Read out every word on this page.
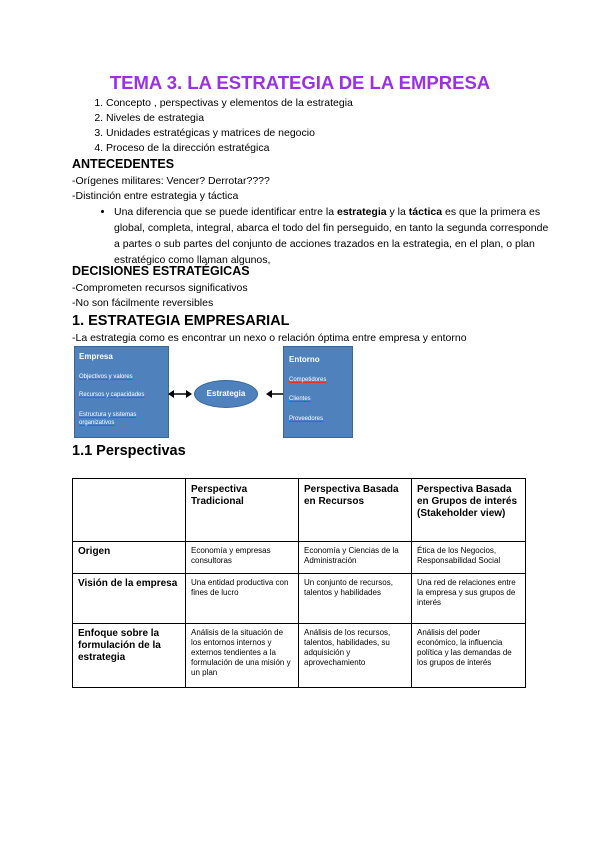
TEMA 3. LA ESTRATEGIA DE LA EMPRESA
1. Concepto , perspectivas y elementos de la estrategia
2. Niveles de estrategia
3. Unidades estratégicas y matrices de negocio
4. Proceso de la dirección estratégica
ANTECEDENTES
-Orígenes militares: Vencer? Derrotar????
-Distinción entre estrategia y táctica
• Una diferencia que se puede identificar entre la estrategia y la táctica es que la primera es global, completa, integral, abarca el todo del fin perseguido, en tanto la segunda corresponde a partes o sub partes del conjunto de acciones trazados en la estrategia, en el plan, o plan estratégico como llaman algunos,
DECISIONES ESTRATÉGICAS
-Comprometen recursos significativos
-No son fácilmente reversibles
1. ESTRATEGIA EMPRESARIAL
-La estrategia como es encontrar un nexo o relación óptima entre empresa y entorno
Empresa
Objectivos y valores
Recursos y capacidades
Estructura y sistemas organizativos
Estrategia
Entorno
Competidores
Clientes
Proveedores
1.1 Perspectivas
	Perspectiva Tradicional	Perspectiva Basada en Recursos	Perspectiva Basada en Grupos de interés (Stakeholder view)
Origen	Economía y empresas consultoras	Economía y Ciencias de la Administración	Ética de los Negocios, Responsabilidad Social
Visión de la empresa	Una entidad productiva con fines de lucro	Un conjunto de recursos, talentos y habilidades	Una red de relaciones entre la empresa y sus grupos de interés
Enfoque sobre la formulación de la estrategia	Análisis de la situación de los entornos internos y externos tendientes a la formulación de una misión y un plan	Análisis de los recursos, talentos, habilidades, su adquisición y aprovechamiento	Análisis del poder económico, la influencia política y las demandas de los grupos de interés
